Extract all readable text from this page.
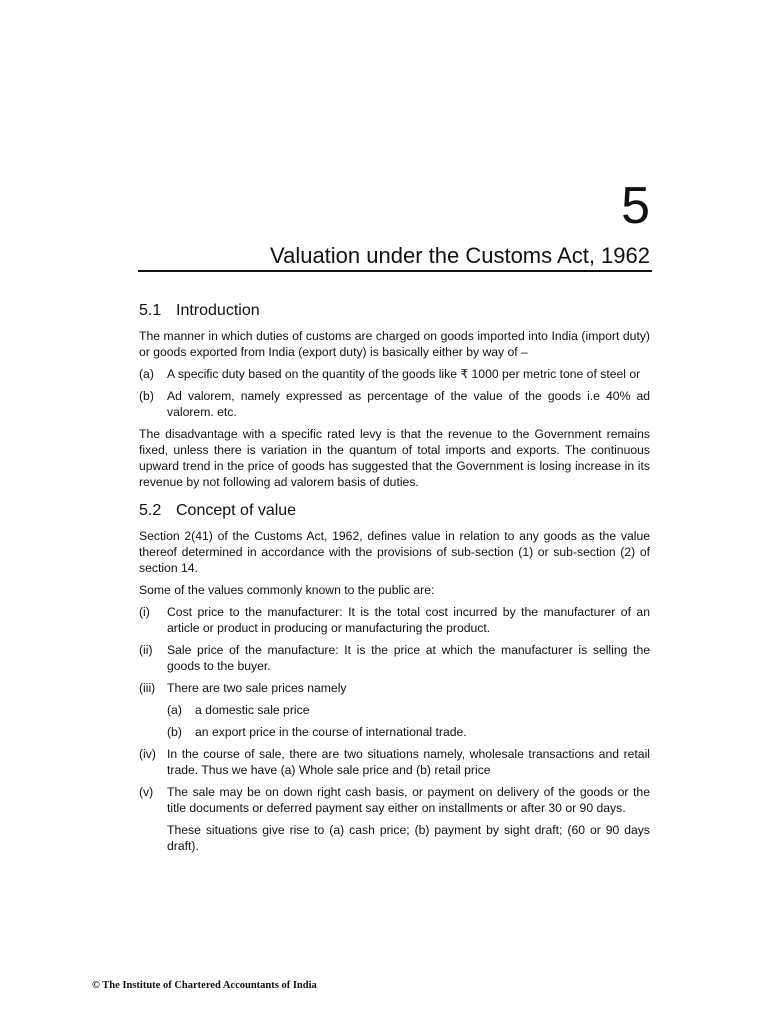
5
Valuation under the Customs Act, 1962
5.1 Introduction

The manner in which duties of customs are charged on goods imported into India (import duty) or goods exported from India (export duty) is basically either by way of –

(a)	A specific duty based on the quantity of the goods like ₹ 1000 per metric tone of steel or
(b)	Ad valorem, namely expressed as percentage of the value of the goods i.e 40% ad valorem. etc.

The disadvantage with a specific rated levy is that the revenue to the Government remains fixed, unless there is variation in the quantum of total imports and exports. The continuous upward trend in the price of goods has suggested that the Government is losing increase in its revenue by not following ad valorem basis of duties.

5.2 Concept of value

Section 2(41) of the Customs Act, 1962, defines value in relation to any goods as the value thereof determined in accordance with the provisions of sub-section (1) or sub-section (2) of section 14.

Some of the values commonly known to the public are:

(i)	Cost price to the manufacturer: It is the total cost incurred by the manufacturer of an article or product in producing or manufacturing the product.
(ii)	Sale price of the manufacture: It is the price at which the manufacturer is selling the goods to the buyer.
(iii) There are two sale prices namely
(a)	a domestic sale price
(b)	an export price in the course of international trade.
(iv) In the course of sale, there are two situations namely, wholesale transactions and retail trade. Thus we have (a) Whole sale price and (b) retail price
(v)	The sale may be on down right cash basis, or payment on delivery of the goods or the title documents or deferred payment say either on installments or after 30 or 90 days.

These situations give rise to (a) cash price; (b) payment by sight draft; (60 or 90 days draft).

© The Institute of Chartered Accountants of India
